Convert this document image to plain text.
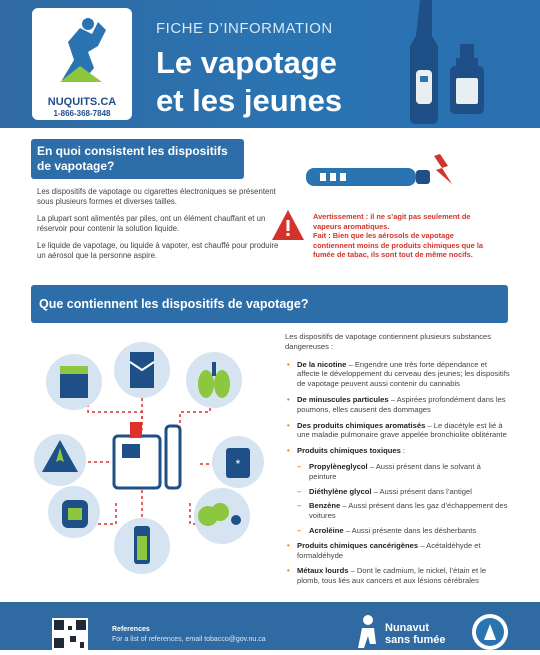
NUQUITS.CA
1-866-368-7848
FICHE D’INFORMATION
Le vapotage
et les jeunes
En quoi consistent les dispositifs de vapotage?
Les dispositifs de vapotage ou cigarettes électroniques se présentent sous plusieurs formes et diverses tailles.
La plupart sont alimentés par piles, ont un élément chauffant et un réservoir pour contenir la solution liquide.
Le liquide de vapotage, ou liquide à vapoter, est chauffé pour produire un aérosol que la personne aspire.
Avertissement : il ne s’agit pas seulement de vapeurs aromatiques.
Fait : Bien que les aérosols de vapotage contiennent moins de produits chimiques que la fumée de tabac, ils sont tout de même nocifs.
Que contiennent les dispositifs de vapotage?
*
Les dispositifs de vapotage contiennent plusieurs substances dangereuses :
• De la nicotine – Engendre une très forte dépendance et affecte le développement du cerveau des jeunes; les dispositifs de vapotage peuvent aussi contenir du cannabis
• De minuscules particules – Aspirées profondément dans les poumons, elles causent des dommages
• Des produits chimiques aromatisés – Le diacétyle est lié à une maladie pulmonaire grave appelée bronchiolite oblitérante
• Produits chimiques toxiques :
– Propylèneglycol – Aussi présent dans le solvant à peinture
– Diéthylène glycol – Aussi présent dans l’antigel
– Benzène – Aussi présent dans les gaz d’échappement des voitures
– Acroléine – Aussi présente dans les désherbants
• Produits chimiques cancérigènes – Acétaldéhyde et formaldéhyde
• Métaux lourds – Dont le cadmium, le nickel, l’étain et le plomb, tous liés aux cancers et aux lésions cérébrales
References
For a list of references, email tobacco@gov.nu.ca
Nunavut
sans fumée
